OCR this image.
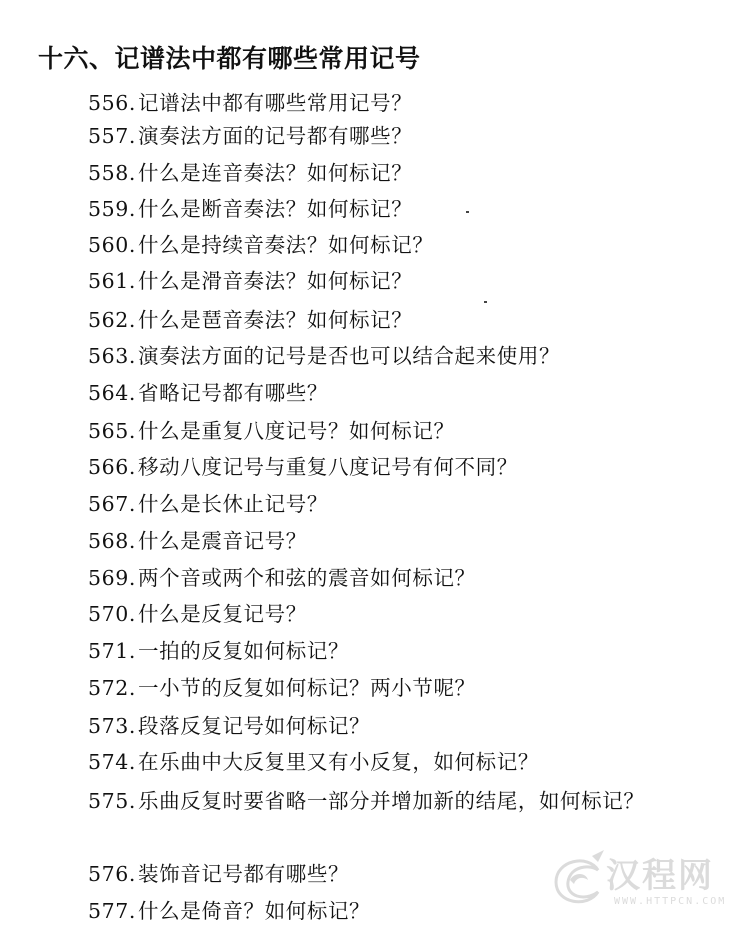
十六、记谱法中都有哪些常用记号
556.记谱法中都有哪些常用记号？
557.演奏法方面的记号都有哪些？
558.什么是连音奏法？如何标记？
559.什么是断音奏法？如何标记？
560.什么是持续音奏法？如何标记？
561.什么是滑音奏法？如何标记？
562.什么是琶音奏法？如何标记？
563.演奏法方面的记号是否也可以结合起来使用？
564.省略记号都有哪些？
565.什么是重复八度记号？如何标记？
566.移动八度记号与重复八度记号有何不同？
567.什么是长休止记号？
568.什么是震音记号？
569.两个音或两个和弦的震音如何标记？
570.什么是反复记号？
571.一拍的反复如何标记？
572.一小节的反复如何标记？两小节呢？
573.段落反复记号如何标记？
574.在乐曲中大反复里又有小反复，如何标记？
575.乐曲反复时要省略一部分并增加新的结尾，如何标记？
576.装饰音记号都有哪些？
577.什么是倚音？如何标记？
汉程网
WWW.HTTPCN.COM
